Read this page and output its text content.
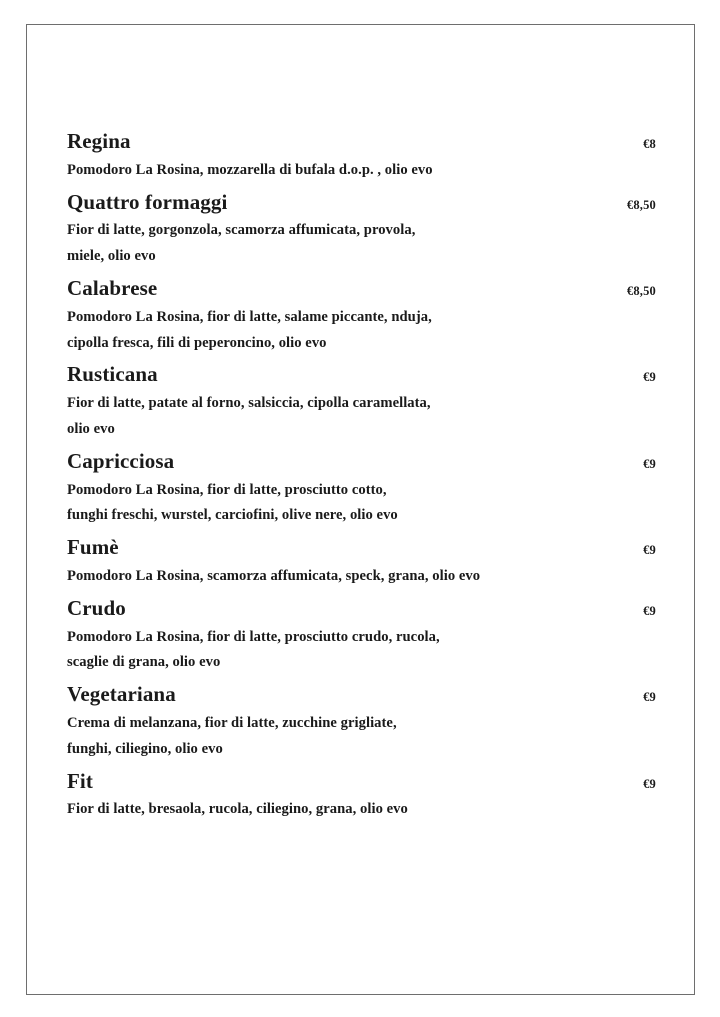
Regina	€8
Pomodoro La Rosina, mozzarella di bufala d.o.p. , olio evo
Quattro formaggi	€8,50
Fior di latte, gorgonzola, scamorza affumicata, provola,
miele, olio evo
Calabrese	€8,50
Pomodoro La Rosina, fior di latte, salame piccante, nduja,
cipolla fresca, fili di peperoncino, olio evo
Rusticana	€9
Fior di latte, patate al forno, salsiccia, cipolla caramellata,
olio evo
Capricciosa	€9
Pomodoro La Rosina, fior di latte, prosciutto cotto,
funghi freschi, wurstel, carciofini, olive nere, olio evo
Fumè	€9
Pomodoro La Rosina, scamorza affumicata, speck, grana, olio evo
Crudo	€9
Pomodoro La Rosina, fior di latte, prosciutto crudo, rucola,
scaglie di grana, olio evo
Vegetariana	€9
Crema di melanzana, fior di latte, zucchine grigliate,
funghi, ciliegino, olio evo
Fit	€9
Fior di latte, bresaola, rucola, ciliegino, grana, olio evo
